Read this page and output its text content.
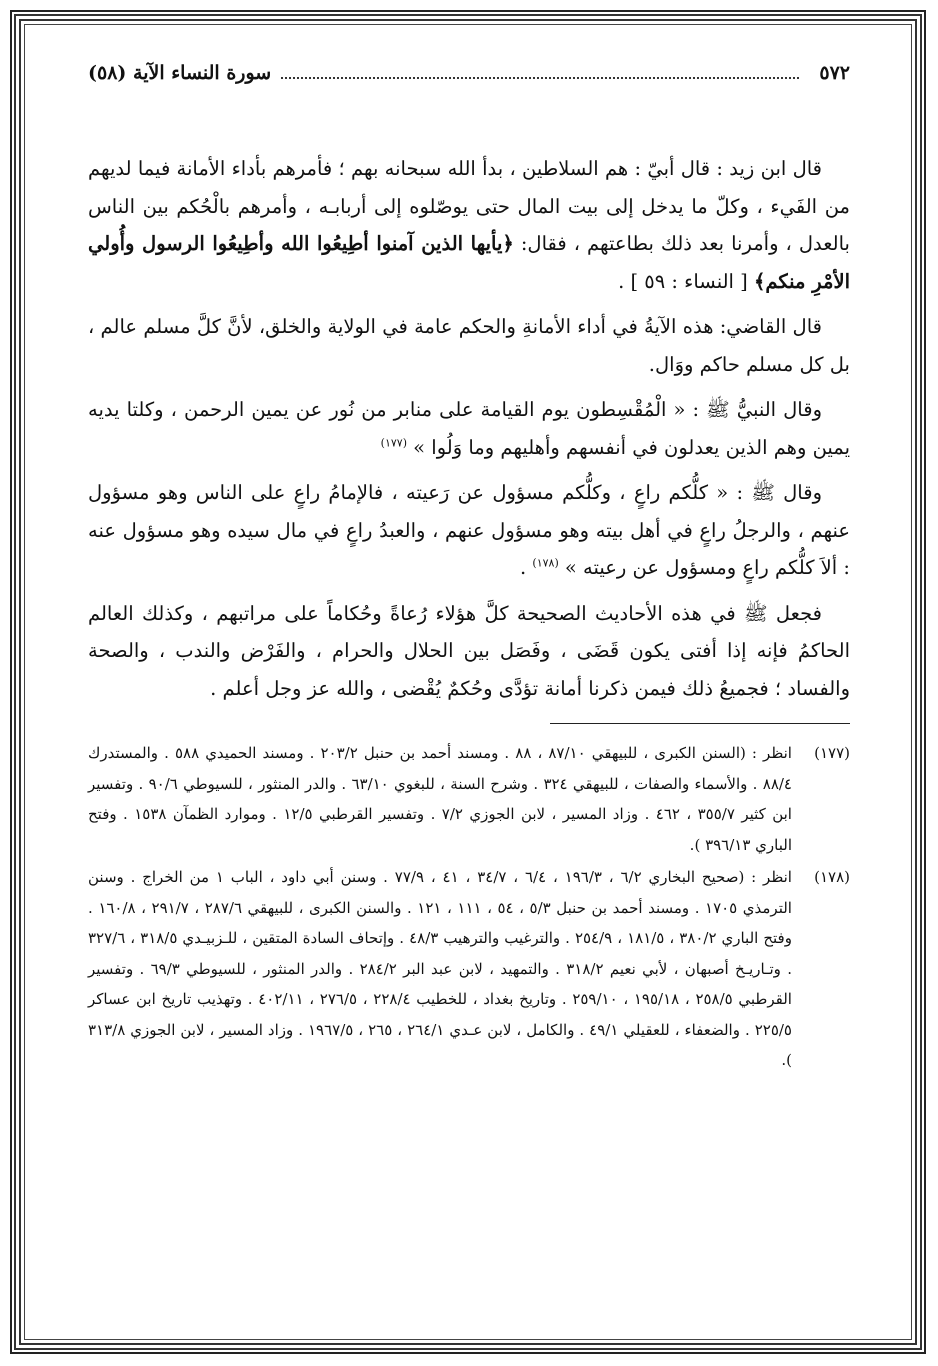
٥٧٢
سورة النساء الآية (٥٨)

قال ابن زيد : قال أبيّ : هم السلاطين ، بدأ الله سبحانه بهم ؛ فأمرهم بأداء الأمانة فيما لديهم من الفَيء ، وكلّ ما يدخل إلى بيت المال حتى يوصّلوه إلى أربابـه ، وأمرهم بالْحُكم بين الناس بالعدل ، وأمرنا بعد ذلك بطاعتهم ، فقال: ﴿يأيها الذين آمنوا أطِيعُوا الله وأطِيعُوا الرسول وأُولي الأمْرِ منكم﴾ [ النساء : ٥٩ ] .

قال القاضي: هذه الآيةُ في أداء الأمانةِ والحكم عامة في الولاية والخلق، لأنَّ كلَّ مسلم عالم ، بل كل مسلم حاكم ووَال.

وقال النبيُّ ﷺ : « الْمُقْسِطون يوم القيامة على منابر من نُور عن يمين الرحمن ، وكلتا يديه يمين وهم الذين يعدلون في أنفسهم وأهليهم وما وَلُوا » $^{(١٧٧)}$

وقال ﷺ : « كلُّكم راعٍ ، وكلُّكم مسؤول عن رَعيته ، فالإمامُ راعٍ على الناس وهو مسؤول عنهم ، والرجلُ راعٍ في أهل بيته وهو مسؤول عنهم ، والعبدُ راعٍ في مال سيده وهو مسؤول عنه : ألاَ كلُّكم راعٍ ومسؤول عن رعيته » $^{(١٧٨)}$ .

فجعل ﷺ في هذه الأحاديث الصحيحة كلَّ هؤلاء رُعاةً وحُكاماً على مراتبهم ، وكذلك العالم الحاكمُ فإنه إذا أفتى يكون قَضَى ، وفَصَل بين الحلال والحرام ، والفَرْض والندب ، والصحة والفساد ؛ فجميعُ ذلك فيمن ذكرنا أمانة تؤدَّى وحُكمٌ يُقْضى ، والله عز وجل أعلم .

(١٧٧)
انظر : (السنن الكبرى ، للبيهقي ٨٧/١٠ ، ٨٨ . ومسند أحمد بن حنبل ٢٠٣/٢ . ومسند الحميدي ٥٨٨ . والمستدرك ٨٨/٤ . والأسماء والصفات ، للبيهقي ٣٢٤ . وشرح السنة ، للبغوي ٦٣/١٠ . والدر المنثور ، للسيوطي ٩٠/٦ . وتفسير ابن كثير ٣٥٥/٧ ، ٤٦٢ . وزاد المسير ، لابن الجوزي ٧/٢ . وتفسير القرطبي ١٢/٥ . وموارد الظمآن ١٥٣٨ . وفتح الباري ٣٩٦/١٣ ).
(١٧٨)
انظر : (صحيح البخاري ٦/٢ ، ١٩٦/٣ ، ٦/٤ ، ٣٤/٧ ، ٤١ ، ٧٧/٩ . وسنن أبي داود ، الباب ١ من الخراج . وسنن الترمذي ١٧٠٥ . ومسند أحمد بن حنبل ٥/٣ ، ٥٤ ، ١١١ ، ١٢١ . والسنن الكبرى ، للبيهقي ٢٨٧/٦ ، ٢٩١/٧ ، ١٦٠/٨ . وفتح الباري ٣٨٠/٢ ، ١٨١/٥ ، ٢٥٤/٩ . والترغيب والترهيب ٤٨/٣ . وإتحاف السادة المتقين ، للـزبيـدي ٣١٨/٥ ، ٣٢٧/٦ . وتـاريـخ أصبهان ، لأبي نعيم ٣١٨/٢ . والتمهيد ، لابن عبد البر ٢٨٤/٢ . والدر المنثور ، للسيوطي ٦٩/٣ . وتفسير القرطبي ٢٥٨/٥ ، ١٩٥/١٨ ، ٢٥٩/١٠ . وتاريخ بغداد ، للخطيب ٢٢٨/٤ ، ٢٧٦/٥ ، ٤٠٢/١١ . وتهذيب تاريخ ابن عساكر ٢٢٥/٥ . والضعفاء ، للعقيلي ٤٩/١ . والكامل ، لابن عـدي ٢٦٤/١ ، ٢٦٥ ، ١٩٦٧/٥ . وزاد المسير ، لابن الجوزي ٣١٣/٨ ).
